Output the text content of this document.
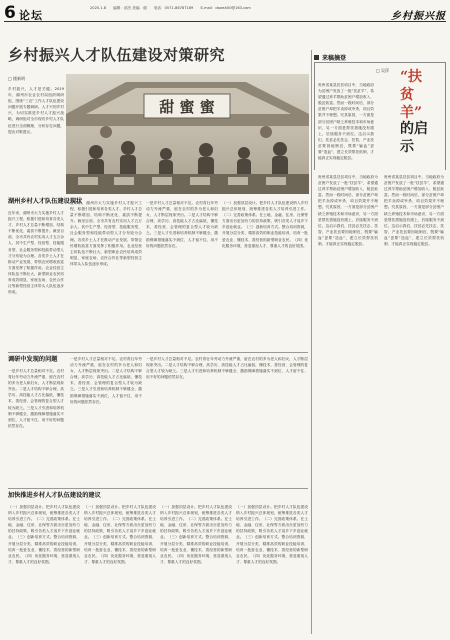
6 论坛
2020.1.8 编辑：邱杰 美编：谢 电话：0571-86787189 E-mail：dawsh00@163.com
乡村振兴报
乡村振兴人才队伍建设对策研究
□ 楼新明
甜 蜜 蜜
乡村振兴，人才是关键。2019年，湖州市农业农村局组织调研组，围绕“三农”工作人才队伍建设问题开展专题调研。人才兴则乡村兴，为切实推进乡村人才振兴战略，调研组对全市现有乡村人才队伍进行全面梳理，分析存在问题，提出对策建议。
湖州乡村人才队伍建设现状
近年来，湖州市大力实施乡村人才振兴工程，积极引进和培育各类人才，乡村人才总量不断增加、结构不断优化、素质不断提升。截至目前，全市共有农村实用人才五万余人，其中生产型、经营型、技能服务型、社会服务型和技能带动型人才分布较为合理。各类乡土人才在推动产业发展、带领农民增收致富方面发挥了积极作用。农业经营主体队伍不断壮大，新型职业农民培育成效明显，家庭农场、农民合作社等新型经营主体带头人队伍逐步形成。
近年来，湖州市大力实施乡村人才振兴工程，积极引进和培育各类人才，乡村人才总量不断增加、结构不断优化、素质不断提升。截至目前，全市共有农村实用人才五万余人，其中生产型、经营型、技能服务型、社会服务型和技能带动型人才分布较为合理。各类乡土人才在推动产业发展、带领农民增收致富方面发挥了积极作用。农业经营主体队伍不断壮大，新型职业农民培育成效明显，家庭农场、农民合作社等新型经营主体带头人队伍逐步形成。
一是乡村人才总量相对不足。农村青壮年劳动力外流严重，留在农村的多为老人和妇女，人才断层现象突出。二是人才结构不够合理，高学历、高技能人才占比偏低，懂技术、善经营、会管理的复合型人才较为缺乏。三是人才引进和培养机制不够健全，激励保障措施落实不到位，人才留不住、用不好的问题依然存在。
（一）加强顶层设计。把乡村人才队伍建设纳入乡村振兴总体规划，统筹推进各类人才培养引进工作。（二）完善政策体系。在土地、金融、住房、社保等方面出台更加有力的扶持政策，吸引各类人才返乡下乡创业就业。（三）创新培育方式。整合培训资源，开展分层分类、精准高效的职业技能培训，培育一批爱农业、懂技术、善经营的新型职业农民。（四）优化服务环境，营造重视人才、尊重人才的良好氛围。
调研中发现的问题
一是乡村人才总量相对不足。农村青壮年劳动力外流严重，留在农村的多为老人和妇女，人才断层现象突出。二是人才结构不够合理，高学历、高技能人才占比偏低，懂技术、善经营、会管理的复合型人才较为缺乏。三是人才引进和培养机制不够健全，激励保障措施落实不到位，人才留不住、用不好的问题依然存在。
一是乡村人才总量相对不足。农村青壮年劳动力外流严重，留在农村的多为老人和妇女，人才断层现象突出。二是人才结构不够合理，高学历、高技能人才占比偏低，懂技术、善经营、会管理的复合型人才较为缺乏。三是人才引进和培养机制不够健全，激励保障措施落实不到位，人才留不住、用不好的问题依然存在。
加快推进乡村人才队伍建设的建议
（一）加强顶层设计。把乡村人才队伍建设纳入乡村振兴总体规划，统筹推进各类人才培养引进工作。（二）完善政策体系。在土地、金融、住房、社保等方面出台更加有力的扶持政策，吸引各类人才返乡下乡创业就业。（三）创新培育方式。整合培训资源，开展分层分类、精准高效的职业技能培训，培育一批爱农业、懂技术、善经营的新型职业农民。（四）优化服务环境，营造重视人才、尊重人才的良好氛围。
（一）加强顶层设计。把乡村人才队伍建设纳入乡村振兴总体规划，统筹推进各类人才培养引进工作。（二）完善政策体系。在土地、金融、住房、社保等方面出台更加有力的扶持政策，吸引各类人才返乡下乡创业就业。（三）创新培育方式。整合培训资源，开展分层分类、精准高效的职业技能培训，培育一批爱农业、懂技术、善经营的新型职业农民。（四）优化服务环境，营造重视人才、尊重人才的良好氛围。
（一）加强顶层设计。把乡村人才队伍建设纳入乡村振兴总体规划，统筹推进各类人才培养引进工作。（二）完善政策体系。在土地、金融、住房、社保等方面出台更加有力的扶持政策，吸引各类人才返乡下乡创业就业。（三）创新培育方式。整合培训资源，开展分层分类、精准高效的职业技能培训，培育一批爱农业、懂技术、善经营的新型职业农民。（四）优化服务环境，营造重视人才、尊重人才的良好氛围。
（一）加强顶层设计。把乡村人才队伍建设纳入乡村振兴总体规划，统筹推进各类人才培养引进工作。（二）完善政策体系。在土地、金融、住房、社保等方面出台更加有力的扶持政策，吸引各类人才返乡下乡创业就业。（三）创新培育方式。整合培训资源，开展分层分类、精准高效的职业技能培训，培育一批爱农业、懂技术、善经营的新型职业农民。（四）优化服务环境，营造重视人才、尊重人才的良好氛围。
一是乡村人才总量相对不足。农村青壮年劳动力外流严重，留在农村的多为老人和妇女，人才断层现象突出。二是人才结构不够合理，高学历、高技能人才占比偏低，懂技术、善经营、会管理的复合型人才较为缺乏。三是人才引进和培养机制不够健全，激励保障措施落实不到位，人才留不住、用不好的问题依然存在。
来稿摘登
“扶贫羊”
的启示
□ 吴萍
贵州省某县扶贫项目中，当地政府为贫困户发放了一批“扶贫羊”，希望通过养羊帮助贫困户增加收入、脱贫致富。然而一段时间后，部分贫困户却把羊卖掉或宰杀，项目效果并不理想。究其原因，一方面是部分贫困户缺乏养殖技术和市场意识，另一方面是帮扶措施没有跟上，后续服务不到位。这启示我们，扶贫必先扶志、扶智，产业扶贫要因地制宜，既要“输血”更要“造血”，建立长效帮扶机制，才能真正实现稳定脱贫。
贵州省某县扶贫项目中，当地政府为贫困户发放了一批“扶贫羊”，希望通过养羊帮助贫困户增加收入、脱贫致富。然而一段时间后，部分贫困户却把羊卖掉或宰杀，项目效果并不理想。究其原因，一方面是部分贫困户缺乏养殖技术和市场意识，另一方面是帮扶措施没有跟上，后续服务不到位。这启示我们，扶贫必先扶志、扶智，产业扶贫要因地制宜，既要“输血”更要“造血”，建立长效帮扶机制，才能真正实现稳定脱贫。
贵州省某县扶贫项目中，当地政府为贫困户发放了一批“扶贫羊”，希望通过养羊帮助贫困户增加收入、脱贫致富。然而一段时间后，部分贫困户却把羊卖掉或宰杀，项目效果并不理想。究其原因，一方面是部分贫困户缺乏养殖技术和市场意识，另一方面是帮扶措施没有跟上，后续服务不到位。这启示我们，扶贫必先扶志、扶智，产业扶贫要因地制宜，既要“输血”更要“造血”，建立长效帮扶机制，才能真正实现稳定脱贫。
